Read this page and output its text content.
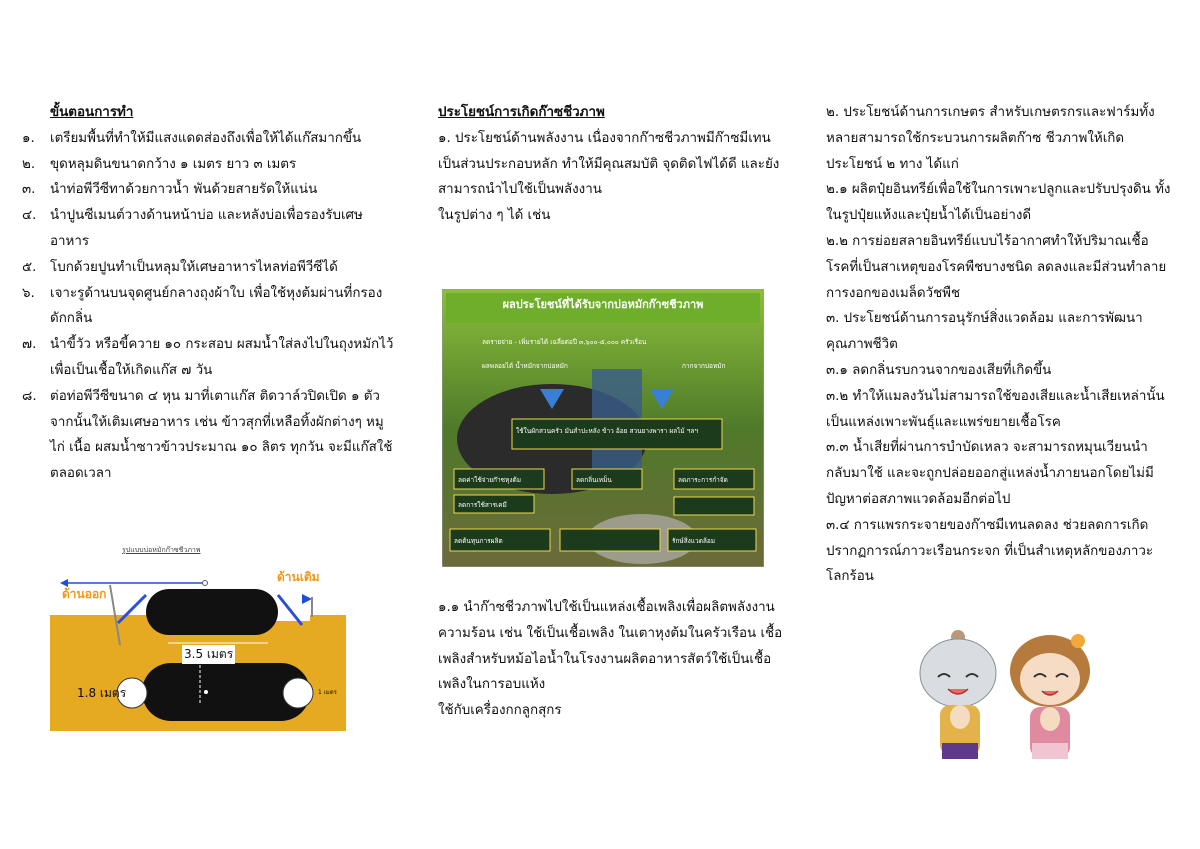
ขั้นตอนการทำ
๑.	เตรียมพื้นที่ทำให้มีแสงแดดส่องถึงเพื่อให้ได้แก๊สมากขึ้น
๒.	ขุดหลุมดินขนาดกว้าง ๑ เมตร ยาว ๓ เมตร
๓.	นำท่อพีวีซีทาด้วยกาวน้ำ พันด้วยสายรัดให้แน่น
๔.	นำปูนซีเมนต์วางด้านหน้าบ่อ และหลังบ่อเพื่อรองรับเศษอาหาร
๕.	โบกด้วยปูนทำเป็นหลุมให้เศษอาหารไหลท่อพีวีซีได้
๖.	เจาะรูด้านบนจุดศูนย์กลางถุงผ้าใบ เพื่อใช้หุงต้มผ่านที่กรองดักกลิ่น
๗.	นำขี้วัว หรือขี้ควาย ๑๐ กระสอบ ผสมน้ำใส่ลงไปในถุงหมักไว้เพื่อเป็นเชื้อให้เกิดแก๊ส ๗ วัน
๘.	ต่อท่อพีวีซีขนาด ๔ หุน มาที่เตาแก๊ส ติดวาล์วปิดเปิด ๑ ตัว จากนั้นให้เติมเศษอาหาร เช่น ข้าวสุกที่เหลือทิ้งผักต่างๆ หมู ไก่ เนื้อ ผสมน้ำซาวข้าวประมาณ ๑๐ ลิตร ทุกวัน จะมีแก๊สใช้ตลอดเวลา
รูปแบบบ่อหมักก๊าซชีวภาพ
ด้านออก
ด้านเติม
3.5 เมตร
1.8 เมตร	1 เมตร
ประโยชน์การเกิดก๊าซชีวภาพ

๑. ประโยชน์ด้านพลังงาน เนื่องจากก๊าซชีวภาพมีก๊าซมีเทนเป็นส่วนประกอบหลัก ทำให้มีคุณสมบัติ จุดติดไฟได้ดี และยังสามารถนำไปใช้เป็นพลังงาน

ในรูปต่าง ๆ ได้ เช่น

ผลประโยชน์ที่ได้รับจากบ่อหมักก๊าซชีวภาพ
ลดรายจ่าย - เพิ่มรายได้ เฉลี่ยต่อปี ๓,๖๐๐-๕,๐๐๐ ครัวเรือน
ผลพลอยได้ น้ำหมักจากบ่อหมัก	กากจากบ่อหมัก
ใช้ในผักสวนครัว มันสำปะหลัง ข้าว อ้อย สวนยางพารา ผลไม้ ฯลฯ
ลดค่าใช้จ่ายก๊าซหุงต้ม	ลดกลิ่นเหม็น	ลดภาระการกำจัด
ลดการใช้สารเคมี
ลดต้นทุนการผลิต	รักษ์สิ่งแวดล้อม

๑.๑ นำก๊าซชีวภาพไปใช้เป็นแหล่งเชื้อเพลิงเพื่อผลิตพลังงานความร้อน เช่น ใช้เป็นเชื้อเพลิง ในเตาหุงต้มในครัวเรือน เชื้อเพลิงสำหรับหม้อไอน้ำในโรงงานผลิตอาหารสัตว์ใช้เป็นเชื้อเพลิงในการอบแห้ง

ใช้กับเครื่องกกลูกสุกร

๒. ประโยชน์ด้านการเกษตร สำหรับเกษตรกรและฟาร์มทั้งหลายสามารถใช้กระบวนการผลิตก๊าซ ชีวภาพให้เกิดประโยชน์ ๒ ทาง ได้แก่

๒.๑ ผลิตปุ๋ยอินทรีย์เพื่อใช้ในการเพาะปลูกและปรับปรุงดิน ทั้งในรูปปุ๋ยแห้งและปุ๋ยน้ำได้เป็นอย่างดี

๒.๒ การย่อยสลายอินทรีย์แบบไร้อากาศทำให้ปริมาณเชื้อโรคที่เป็นสาเหตุของโรคพืชบางชนิด ลดลงและมีส่วนทำลายการงอกของเมล็ดวัชพืช

๓. ประโยชน์ด้านการอนุรักษ์สิ่งแวดล้อม และการพัฒนาคุณภาพชีวิต

๓.๑ ลดกลิ่นรบกวนจากของเสียที่เกิดขึ้น

๓.๒ ทำให้แมลงวันไม่สามารถใช้ของเสียและน้ำเสียเหล่านั้นเป็นแหล่งเพาะพันธุ์และแพร่ขยายเชื้อโรค

๓.๓ น้ำเสียที่ผ่านการบำบัดเหลว จะสามารถหมุนเวียนนำกลับมาใช้ และจะถูกปล่อยออกสู่แหล่งน้ำภายนอกโดยไม่มีปัญหาต่อสภาพแวดล้อมอีกต่อไป

๓.๔ การแพรกระจายของก๊าซมีเทนลดลง ช่วยลดการเกิดปรากฏการณ์ภาวะเรือนกระจก ที่เป็นสำเหตุหลักของภาวะโลกร้อน
